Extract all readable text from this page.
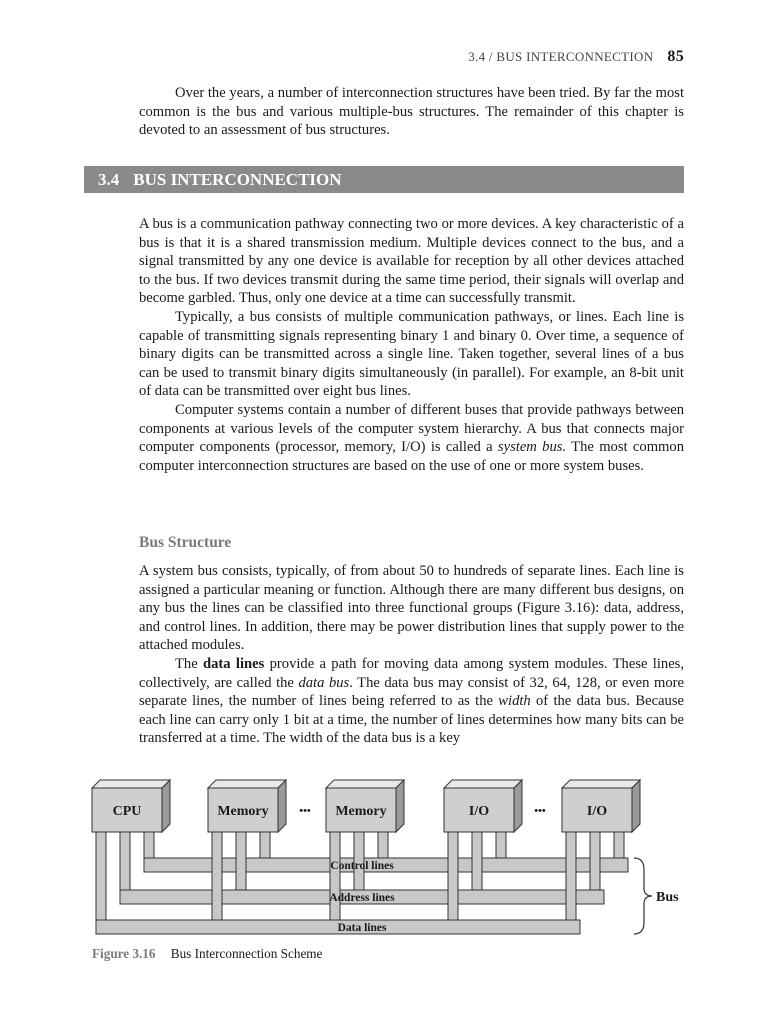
3.4 / BUS INTERCONNECTION 85

Over the years, a number of interconnection structures have been tried. By far the most common is the bus and various multiple-bus structures. The remainder of this chapter is devoted to an assessment of bus structures.

3.4 BUS INTERCONNECTION

A bus is a communication pathway connecting two or more devices. A key characteristic of a bus is that it is a shared transmission medium. Multiple devices connect to the bus, and a signal transmitted by any one device is available for reception by all other devices attached to the bus. If two devices transmit during the same time period, their signals will overlap and become garbled. Thus, only one device at a time can successfully transmit.

Typically, a bus consists of multiple communication pathways, or lines. Each line is capable of transmitting signals representing binary 1 and binary 0. Over time, a sequence of binary digits can be transmitted across a single line. Taken together, several lines of a bus can be used to transmit binary digits simultaneously (in parallel). For example, an 8-bit unit of data can be transmitted over eight bus lines.

Computer systems contain a number of different buses that provide pathways between components at various levels of the computer system hierarchy. A bus that connects major computer components (processor, memory, I/O) is called a system bus. The most common computer interconnection structures are based on the use of one or more system buses.

Bus Structure

A system bus consists, typically, of from about 50 to hundreds of separate lines. Each line is assigned a particular meaning or function. Although there are many different bus designs, on any bus the lines can be classified into three functional groups (Figure 3.16): data, address, and control lines. In addition, there may be power distribution lines that supply power to the attached modules.

The data lines provide a path for moving data among system modules. These lines, collectively, are called the data bus. The data bus may consist of 32, 64, 128, or even more separate lines, the number of lines being referred to as the width of the data bus. Because each line can carry only 1 bit at a time, the number of lines determines how many bits can be transferred at a time. The width of the data bus is a key

CPU	Memory	Memory	I/O	I/O
•••	•••
Control lines
Address lines
Data lines
Bus
Figure 3.16 Bus Interconnection Scheme
